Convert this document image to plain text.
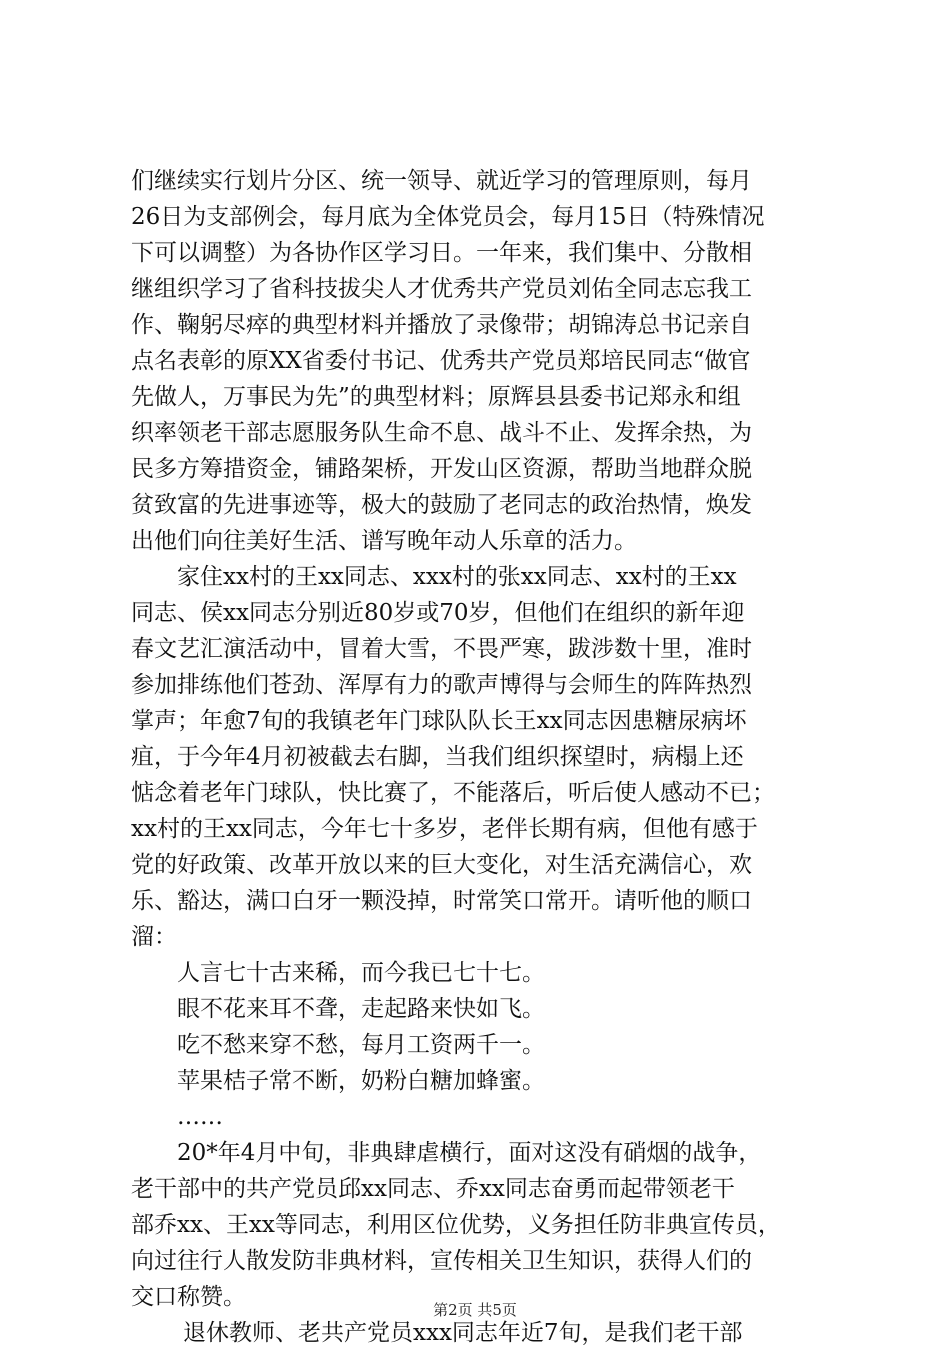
们继续实行划片分区、统一领导、就近学习的管理原则，每月
26日为支部例会，每月底为全体党员会，每月15日（特殊情况
下可以调整）为各协作区学习日。一年来，我们集中、分散相
继组织学习了省科技拔尖人才优秀共产党员刘佑全同志忘我工
作、鞠躬尽瘁的典型材料并播放了录像带；胡锦涛总书记亲自
点名表彰的原XX省委付书记、优秀共产党员郑培民同志“做官
先做人，万事民为先”的典型材料；原辉县县委书记郑永和组
织率领老干部志愿服务队生命不息、战斗不止、发挥余热，为
民多方筹措资金，铺路架桥，开发山区资源，帮助当地群众脱
贫致富的先进事迹等，极大的鼓励了老同志的政治热情，焕发
出他们向往美好生活、谱写晚年动人乐章的活力。
家住xx村的王xx同志、xxx村的张xx同志、xx村的王xx
同志、侯xx同志分别近80岁或70岁，但他们在组织的新年迎
春文艺汇演活动中，冒着大雪，不畏严寒，跋涉数十里，准时
参加排练他们苍劲、浑厚有力的歌声博得与会师生的阵阵热烈
掌声；年愈7旬的我镇老年门球队队长王xx同志因患糖尿病坏
疽，于今年4月初被截去右脚，当我们组织探望时，病榻上还
惦念着老年门球队，快比赛了，不能落后，听后使人感动不已；
xx村的王xx同志，今年七十多岁，老伴长期有病，但他有感于
党的好政策、改革开放以来的巨大变化，对生活充满信心，欢
乐、豁达，满口白牙一颗没掉，时常笑口常开。请听他的顺口
溜：
人言七十古来稀，而今我已七十七。
眼不花来耳不聋，走起路来快如飞。
吃不愁来穿不愁，每月工资两千一。
苹果桔子常不断，奶粉白糖加蜂蜜。
……
20*年4月中旬，非典肆虐横行，面对这没有硝烟的战争，
老干部中的共产党员邱xx同志、乔xx同志奋勇而起带领老干
部乔xx、王xx等同志，利用区位优势，义务担任防非典宣传员，
向过往行人散发防非典材料，宣传相关卫生知识，获得人们的
交口称赞。
退休教师、老共产党员xxx同志年近7旬，是我们老干部
第2页 共5页
